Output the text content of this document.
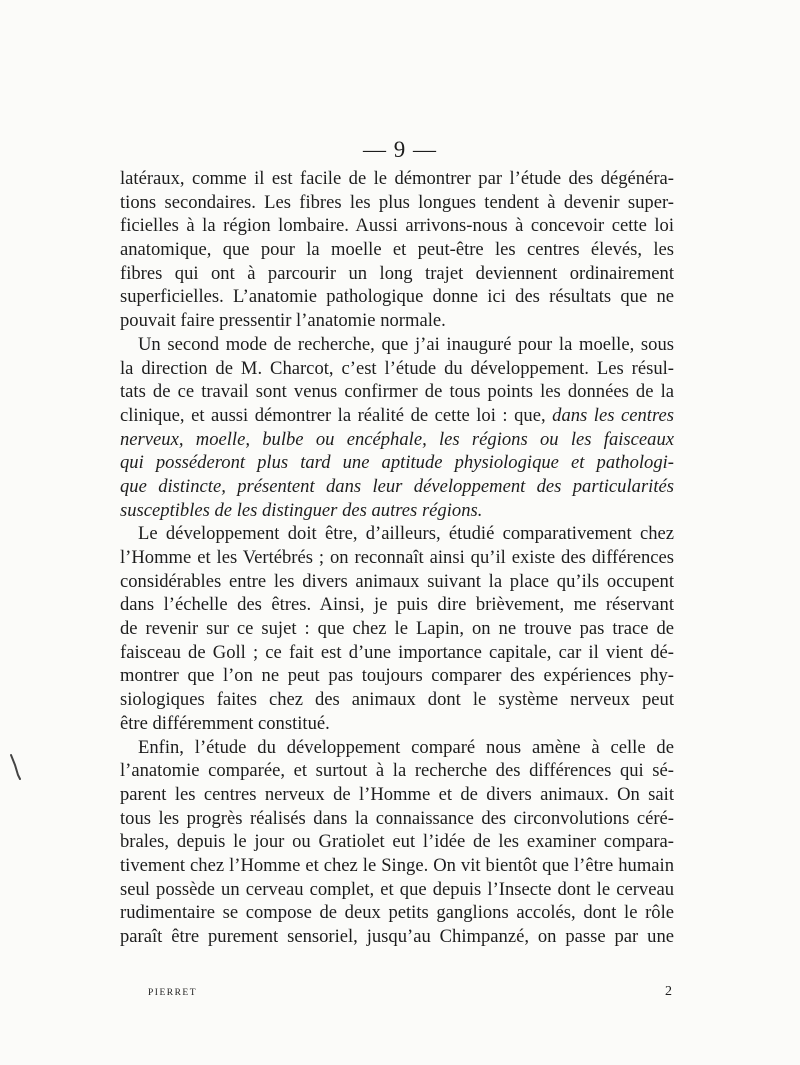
— 9 —
latéraux, comme il est facile de le démontrer par l’étude des dégénéra-
tions secondaires. Les fibres les plus longues tendent à devenir super-
ficielles à la région lombaire. Aussi arrivons-nous à concevoir cette loi
anatomique, que pour la moelle et peut-être les centres élevés, les
fibres qui ont à parcourir un long trajet deviennent ordinairement
superficielles. L’anatomie pathologique donne ici des résultats que ne
pouvait faire pressentir l’anatomie normale.
Un second mode de recherche, que j’ai inauguré pour la moelle, sous
la direction de M. Charcot, c’est l’étude du développement. Les résul-
tats de ce travail sont venus confirmer de tous points les données de la
clinique, et aussi démontrer la réalité de cette loi : que, dans les centres
nerveux, moelle, bulbe ou encéphale, les régions ou les faisceaux
qui posséderont plus tard une aptitude physiologique et pathologi-
que distincte, présentent dans leur développement des particularités
susceptibles de les distinguer des autres régions.
Le développement doit être, d’ailleurs, étudié comparativement chez
l’Homme et les Vertébrés ; on reconnaît ainsi qu’il existe des différences
considérables entre les divers animaux suivant la place qu’ils occupent
dans l’échelle des êtres. Ainsi, je puis dire brièvement, me réservant
de revenir sur ce sujet : que chez le Lapin, on ne trouve pas trace de
faisceau de Goll ; ce fait est d’une importance capitale, car il vient dé-
montrer que l’on ne peut pas toujours comparer des expériences phy-
siologiques faites chez des animaux dont le système nerveux peut
être différemment constitué.
Enfin, l’étude du développement comparé nous amène à celle de
l’anatomie comparée, et surtout à la recherche des différences qui sé-
parent les centres nerveux de l’Homme et de divers animaux. On sait
tous les progrès réalisés dans la connaissance des circonvolutions céré-
brales, depuis le jour ou Gratiolet eut l’idée de les examiner compara-
tivement chez l’Homme et chez le Singe. On vit bientôt que l’être humain
seul possède un cerveau complet, et que depuis l’Insecte dont le cerveau
rudimentaire se compose de deux petits ganglions accolés, dont le rôle
paraît être purement sensoriel, jusqu’au Chimpanzé, on passe par une
PIERRET	2
